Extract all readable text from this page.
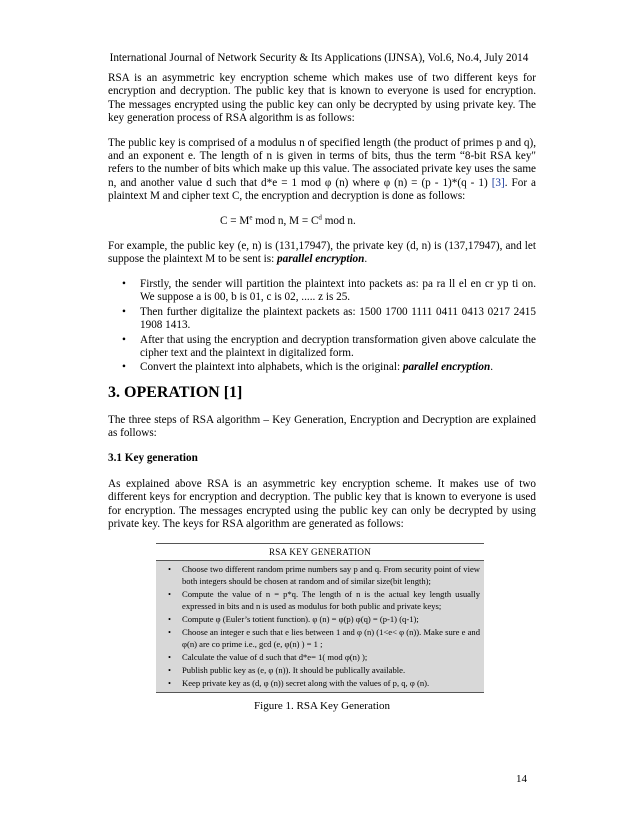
International Journal of Network Security & Its Applications (IJNSA), Vol.6, No.4, July 2014

RSA is an asymmetric key encryption scheme which makes use of two different keys for encryption and decryption. The public key that is known to everyone is used for encryption. The messages encrypted using the public key can only be decrypted by using private key. The key generation process of RSA algorithm is as follows:

The public key is comprised of a modulus n of specified length (the product of primes p and q), and an exponent e. The length of n is given in terms of bits, thus the term “8-bit RSA key" refers to the number of bits which make up this value. The associated private key uses the same n, and another value d such that d*e = 1 mod φ (n) where φ (n) = (p - 1)*(q - 1) [3]. For a plaintext M and cipher text C, the encryption and decryption is done as follows:

$C = M^e$ mod n, $M = C^d$ mod n.

For example, the public key (e, n) is (131,17947), the private key (d, n) is (137,17947), and let suppose the plaintext M to be sent is: parallel encryption.

• Firstly, the sender will partition the plaintext into packets as: pa ra ll el en cr yp ti on. We suppose a is 00, b is 01, c is 02, ..... z is 25.
• Then further digitalize the plaintext packets as: 1500 1700 1111 0411 0413 0217 2415 1908 1413.
• After that using the encryption and decryption transformation given above calculate the cipher text and the plaintext in digitalized form.
• Convert the plaintext into alphabets, which is the original: parallel encryption.
3. OPERATION [1]

The three steps of RSA algorithm – Key Generation, Encryption and Decryption are explained as follows:

3.1 Key generation

As explained above RSA is an asymmetric key encryption scheme. It makes use of two different keys for encryption and decryption. The public key that is known to everyone is used for encryption. The messages encrypted using the public key can only be decrypted by using private key. The keys for RSA algorithm are generated as follows:

RSA KEY GENERATION
• Choose two different random prime numbers say p and q. From security point of view both integers should be chosen at random and of similar size(bit length);
• Compute the value of n = p*q. The length of n is the actual key length usually expressed in bits and n is used as modulus for both public and private keys;
• Compute φ (Euler’s totient function). φ (n) = φ(p) φ(q) = (p-1) (q-1);
• Choose an integer e such that e lies between 1 and φ (n) (1<e< φ (n)). Make sure e and φ(n) are co prime i.e., gcd (e, φ(n) ) = 1 ;
• Calculate the value of d such that d*e= 1( mod φ(n) );
• Publish public key as (e, φ (n)). It should be publically available.
• Keep private key as (d, φ (n)) secret along with the values of p, q, φ (n).
Figure 1. RSA Key Generation
14
